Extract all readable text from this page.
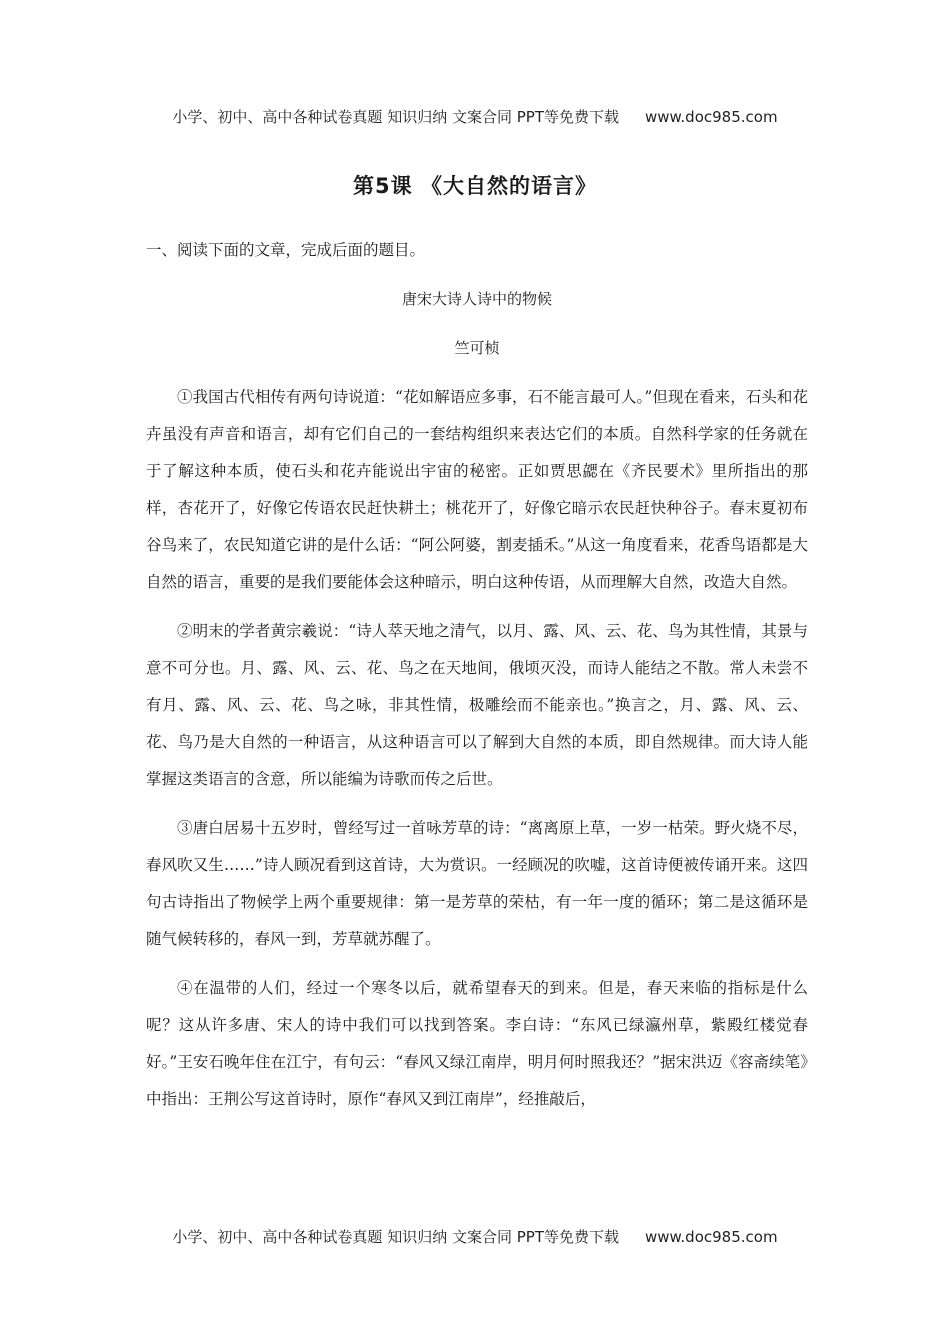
小学、初中、高中各种试卷真题 知识归纳 文案合同 PPT等免费下载 www.doc985.com
第5课 《大自然的语言》

一、阅读下面的文章，完成后面的题目。

唐宋大诗人诗中的物候

竺可桢

①我国古代相传有两句诗说道：“花如解语应多事，石不能言最可人。”但现在看来，石头和花卉虽没有声音和语言，却有它们自己的一套结构组织来表达它们的本质。自然科学家的任务就在于了解这种本质，使石头和花卉能说出宇宙的秘密。正如贾思勰在《齐民要术》里所指出的那样，杏花开了，好像它传语农民赶快耕土；桃花开了，好像它暗示农民赶快种谷子。春末夏初布谷鸟来了，农民知道它讲的是什么话：“阿公阿婆，割麦插禾。”从这一角度看来，花香鸟语都是大自然的语言，重要的是我们要能体会这种暗示，明白这种传语，从而理解大自然，改造大自然。

②明末的学者黄宗羲说：“诗人萃天地之清气，以月、露、风、云、花、鸟为其性情，其景与意不可分也。月、露、风、云、花、鸟之在天地间，俄顷灭没，而诗人能结之不散。常人未尝不有月、露、风、云、花、鸟之咏，非其性情，极雕绘而不能亲也。”换言之，月、露、风、云、花、鸟乃是大自然的一种语言，从这种语言可以了解到大自然的本质，即自然规律。而大诗人能掌握这类语言的含意，所以能编为诗歌而传之后世。

③唐白居易十五岁时，曾经写过一首咏芳草的诗：“离离原上草，一岁一枯荣。野火烧不尽，春风吹又生……”诗人顾况看到这首诗，大为赏识。一经顾况的吹嘘，这首诗便被传诵开来。这四句古诗指出了物候学上两个重要规律：第一是芳草的荣枯，有一年一度的循环；第二是这循环是随气候转移的，春风一到，芳草就苏醒了。

④在温带的人们，经过一个寒冬以后，就希望春天的到来。但是，春天来临的指标是什么呢？这从许多唐、宋人的诗中我们可以找到答案。李白诗：“东风已绿瀛州草，紫殿红楼觉春好。”王安石晚年住在江宁，有句云：“春风又绿江南岸，明月何时照我还？”据宋洪迈《容斋续笔》中指出：王荆公写这首诗时，原作“春风又到江南岸”，经推敲后，

小学、初中、高中各种试卷真题 知识归纳 文案合同 PPT等免费下载 www.doc985.com
